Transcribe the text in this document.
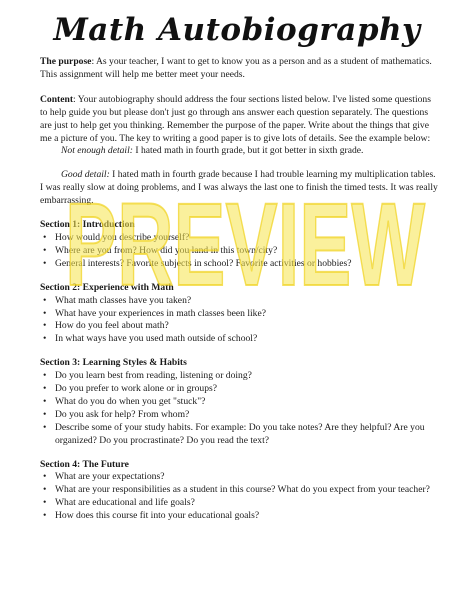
Math Autobiography

The purpose: As your teacher, I want to get to know you as a person and as a student of mathematics. This assignment will help me better meet your needs.

Content: Your autobiography should address the four sections listed below. I've listed some questions to help guide you but please don't just go through ans answer each question separately. The questions are just to help get you thinking. Remember the purpose of the paper. Write about the things that give me a picture of you. The key to writing a good paper is to give lots of details. See the example below:

Not enough detail: I hated math in fourth grade, but it got better in sixth grade.

Good detail: I hated math in fourth grade because I had trouble learning my multiplication tables. I was really slow at doing problems, and I was always the last one to finish the timed tests. It was really embarrassing.

Section 1: Introduction

• How would you describe yourself?
• Where are you from? How did you land in this town/city?
• General interests? Favorite subjects in school? Favorite activities or hobbies?

Section 2: Experience with Math

• What math classes have you taken?
• What have your experiences in math classes been like?
• How do you feel about math?
• In what ways have you used math outside of school?

Section 3: Learning Styles & Habits

• Do you learn best from reading, listening or doing?
• Do you prefer to work alone or in groups?
• What do you do when you get "stuck"?
• Do you ask for help? From whom?
• Describe some of your study habits. For example: Do you take notes? Are they helpful? Are you organized? Do you procrastinate? Do you read the text?

Section 4: The Future

• What are your expectations?
• What are your responsibilities as a student in this course? What do you expect from your teacher?
• What are educational and life goals?
• How does this course fit into your educational goals?
PREVIEW
